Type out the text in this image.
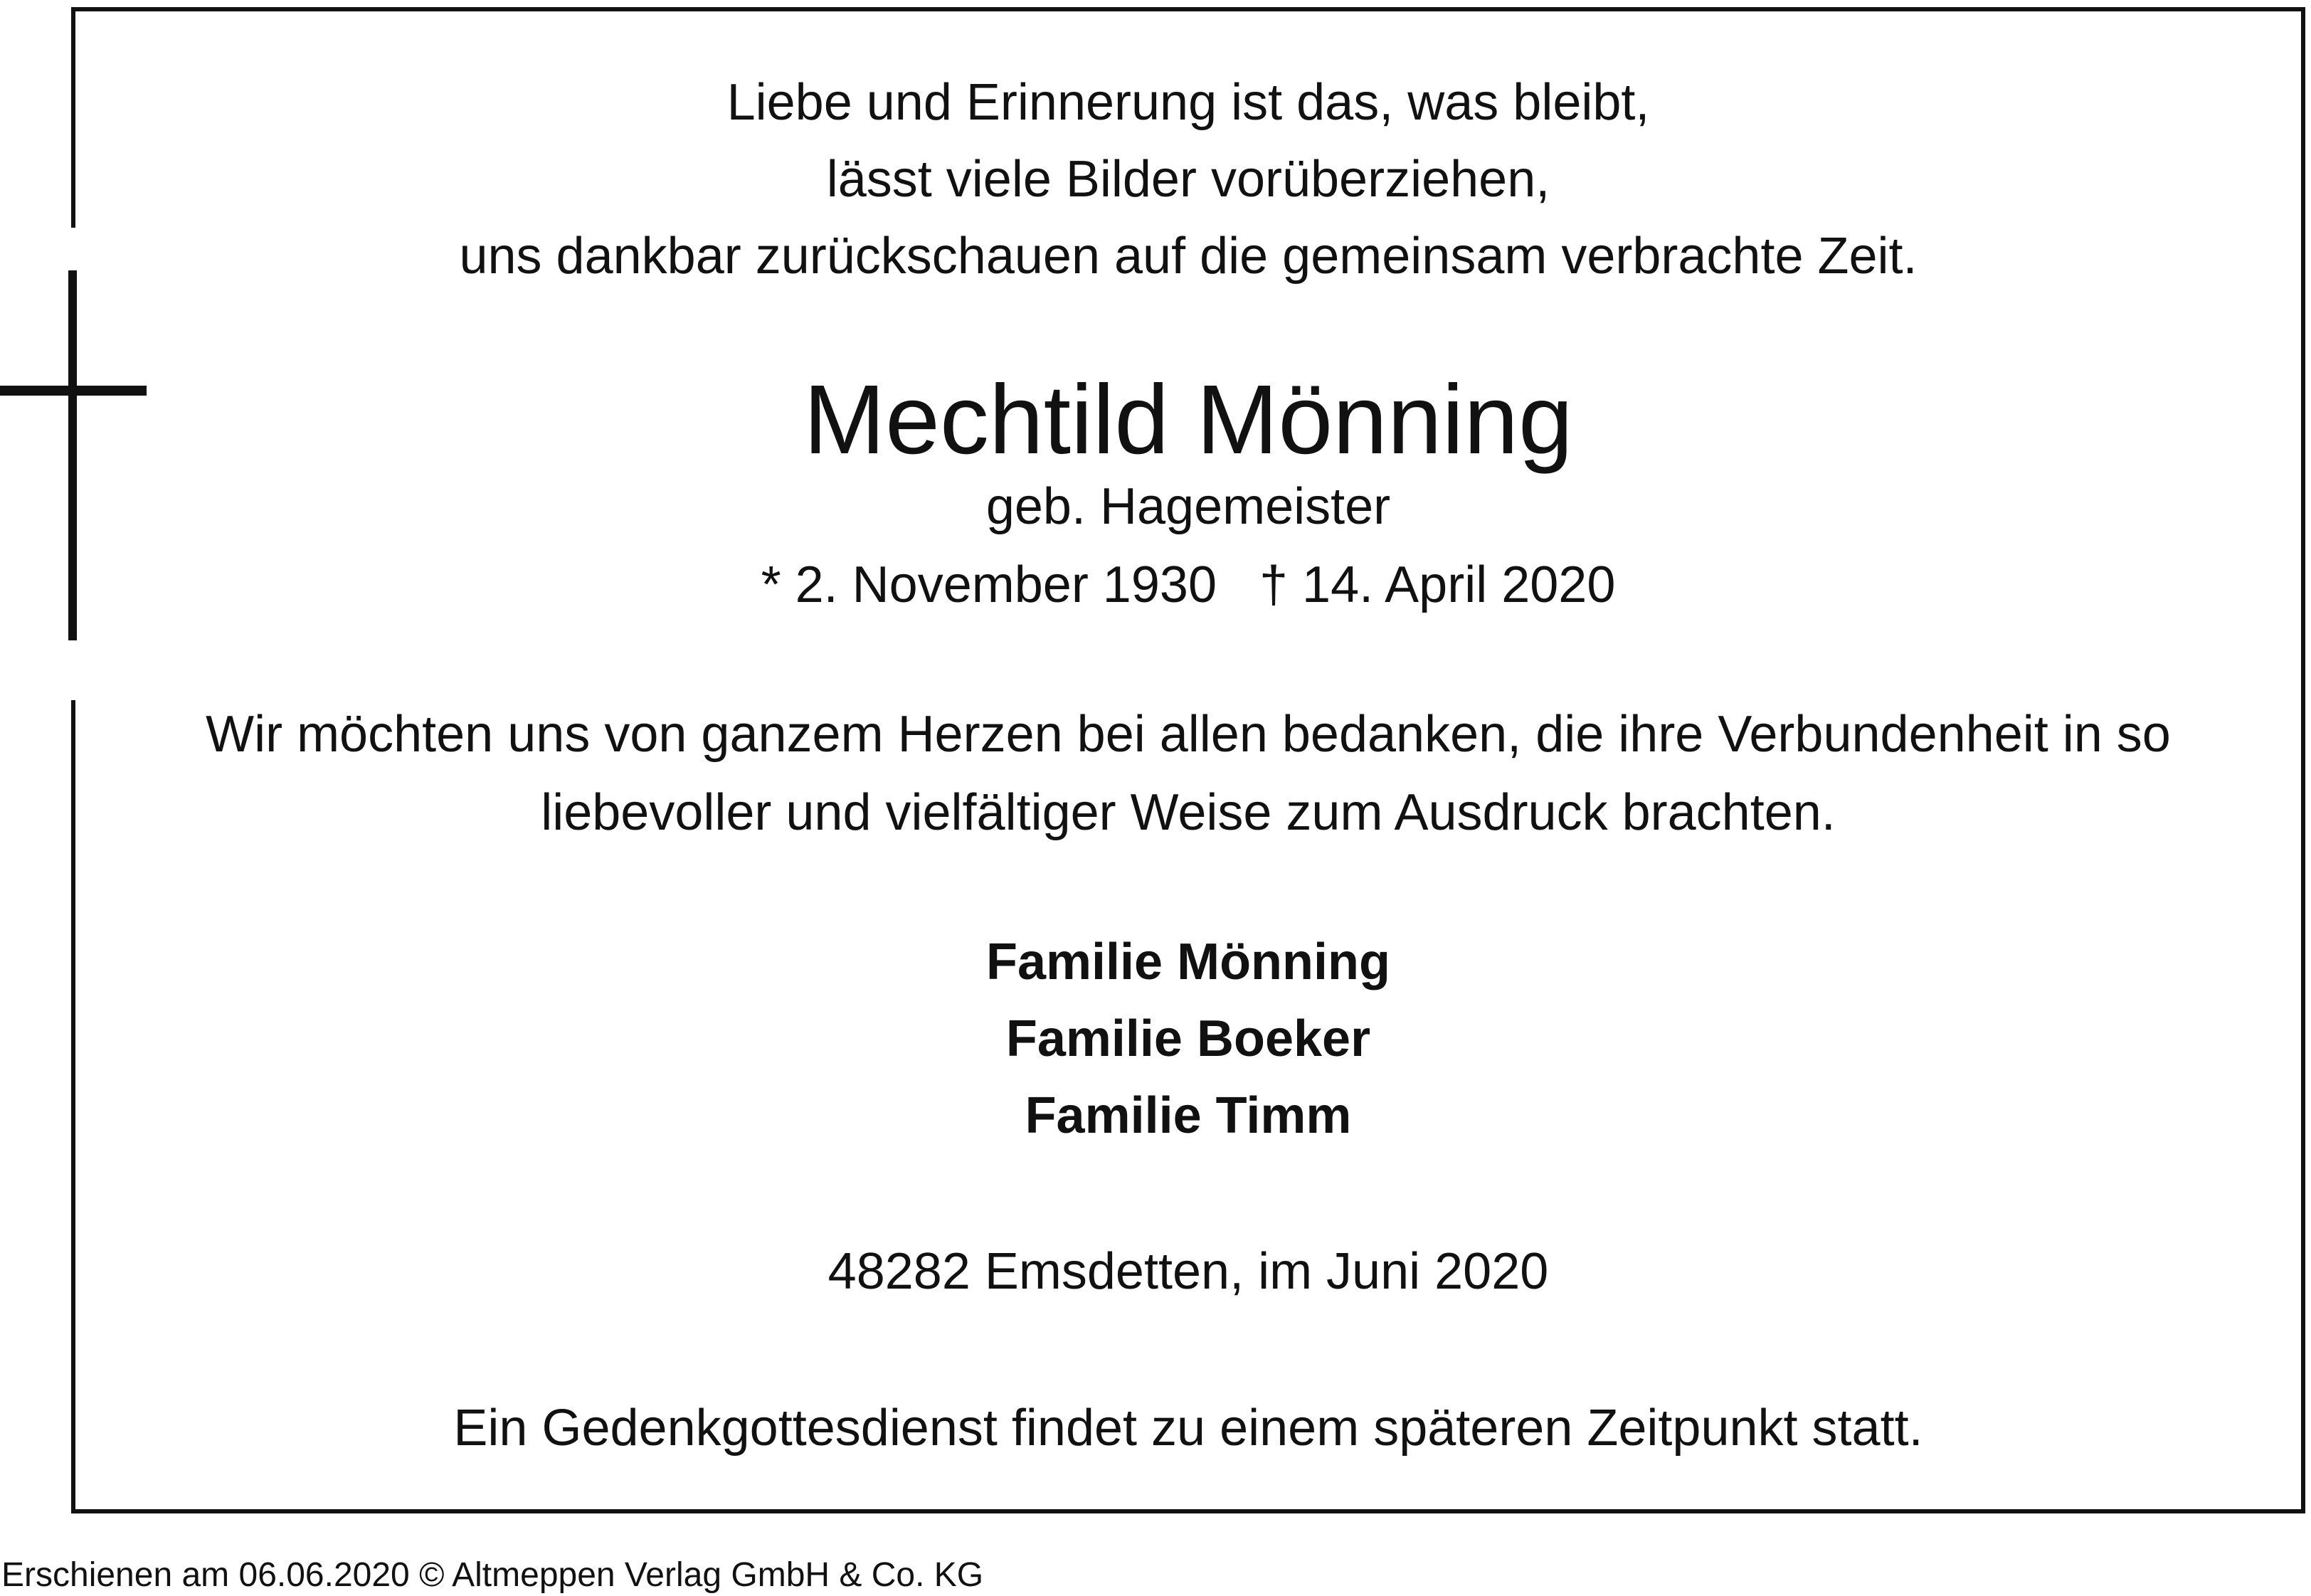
Liebe und Erinnerung ist das, was bleibt,
lässt viele Bilder vorüberziehen,
uns dankbar zurückschauen auf die gemeinsam verbrachte Zeit.
Mechtild Mönning
geb. Hagemeister
* 2. November 1930 † 14. April 2020
Wir möchten uns von ganzem Herzen bei allen bedanken, die ihre Verbundenheit in so
liebevoller und vielfältiger Weise zum Ausdruck brachten.
Familie Mönning
Familie Boeker
Familie Timm
48282 Emsdetten, im Juni 2020
Ein Gedenkgottesdienst findet zu einem späteren Zeitpunkt statt.
Erschienen am 06.06.2020 © Altmeppen Verlag GmbH & Co. KG
